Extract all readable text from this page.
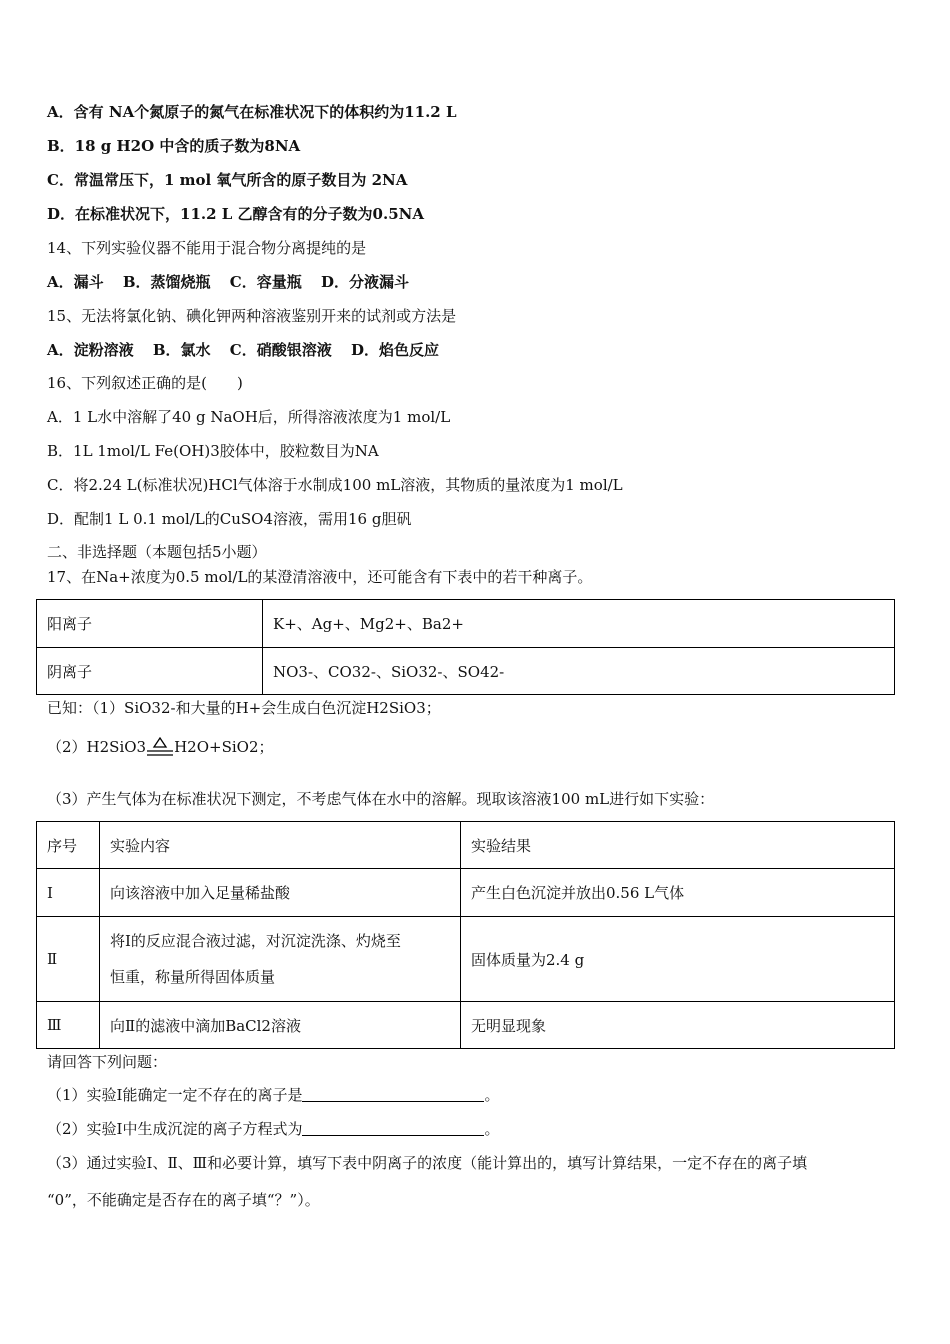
A．含有 NA个氮原子的氮气在标准状况下的体积约为11.2 L
B．18 g H2O 中含的质子数为8NA
C．常温常压下，1 mol 氧气所含的原子数目为 2NA
D．在标准状况下，11.2 L 乙醇含有的分子数为0.5NA
14、下列实验仪器不能用于混合物分离提纯的是
A．漏斗 B．蒸馏烧瓶 C．容量瓶 D．分液漏斗
15、无法将氯化钠、碘化钾两种溶液鉴别开来的试剂或方法是
A．淀粉溶液 B．氯水 C．硝酸银溶液 D．焰色反应
16、下列叙述正确的是(　　)
A．1 L水中溶解了40 g NaOH后，所得溶液浓度为1 mol/L
B．1L 1mol/L Fe(OH)3胶体中，胶粒数目为NA
C．将2.24 L(标准状况)HCl气体溶于水制成100 mL溶液，其物质的量浓度为1 mol/L
D．配制1 L 0.1 mol/L的CuSO4溶液，需用16 g胆矾
二、非选择题（本题包括5小题）
17、在Na+浓度为0.5 mol/L的某澄清溶液中，还可能含有下表中的若干种离子。
阳离子	K+、Ag+、Mg2+、Ba2+
阴离子	NO3-、CO32-、SiO32-、SO42-
已知：（1）SiO32-和大量的H+会生成白色沉淀H2SiO3；
（2）H2SiO3 H2O+SiO2；
（3）产生气体为在标准状况下测定，不考虑气体在水中的溶解。现取该溶液100 mL进行如下实验：
序号	实验内容	实验结果
Ⅰ	向该溶液中加入足量稀盐酸	产生白色沉淀并放出0.56 L气体
Ⅱ	将Ⅰ的反应混合液过滤，对沉淀洗涤、灼烧至
恒重，称量所得固体质量	固体质量为2.4 g
Ⅲ	向Ⅱ的滤液中滴加BaCl2溶液	无明显现象
请回答下列问题：
（1）实验Ⅰ能确定一定不存在的离子是	。
（2）实验Ⅰ中生成沉淀的离子方程式为	。
（3）通过实验Ⅰ、Ⅱ、Ⅲ和必要计算，填写下表中阴离子的浓度（能计算出的，填写计算结果，一定不存在的离子填
“0”，不能确定是否存在的离子填“？”）。
